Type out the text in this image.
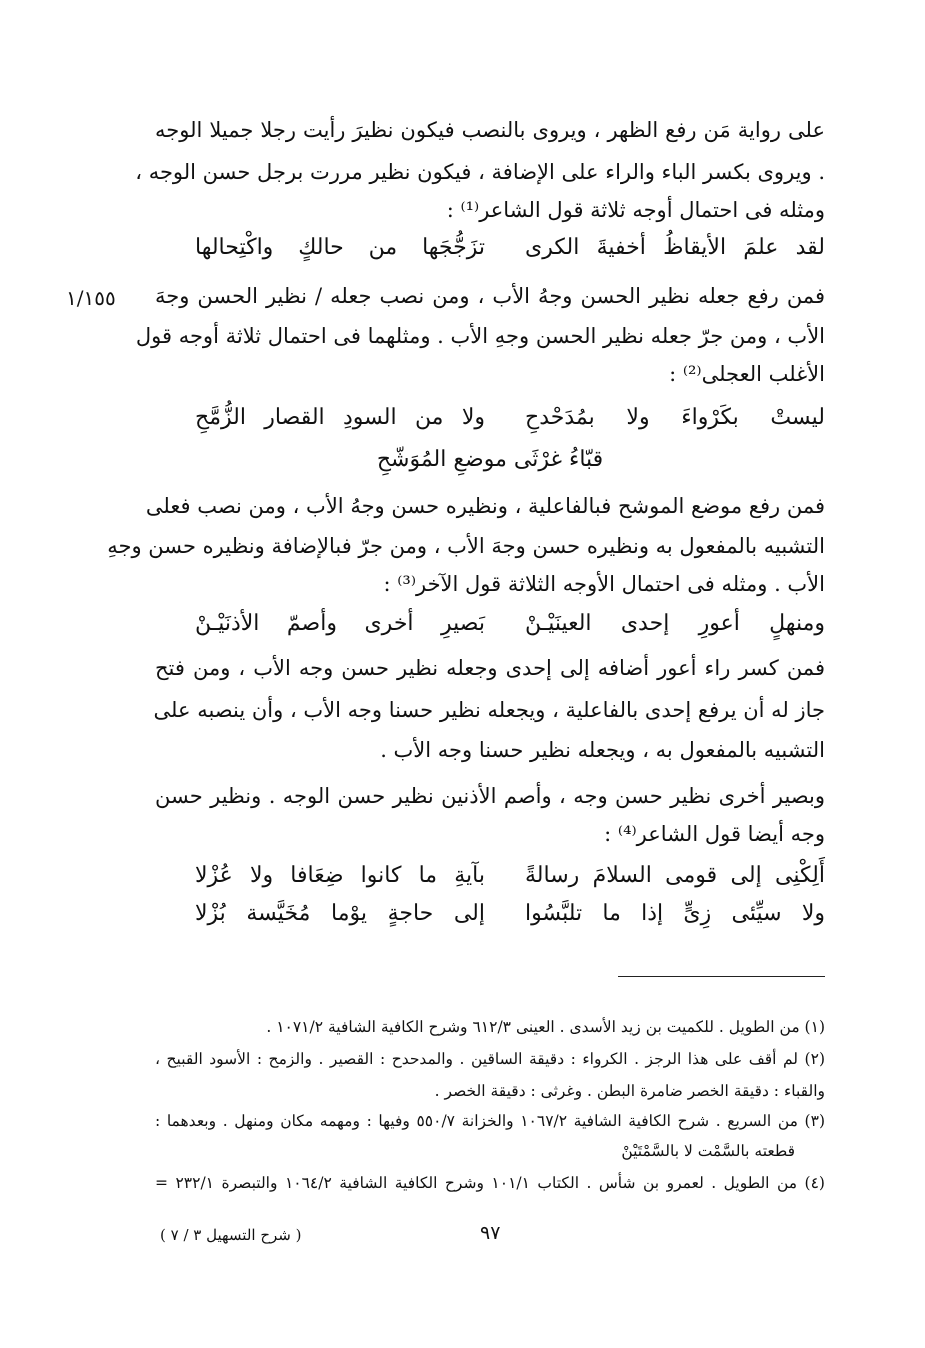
١/١٥٥
على رواية مَن رفع الظهر ، ويروى بالنصب فيكون نظيرَ رأيت رجلا جميلا الوجه
. ويروى بكسر الباء والراء على الإضافة ، فيكون نظير مررت برجل حسن الوجه ،
ومثله فى احتمال أوجه ثلاثة قول الشاعر⁽¹⁾ :
لقد علمَ الأيقاظُ أخفيةَ الكرى
تزَجُّجَها من حالكٍ واكْتِحالها
فمن رفع جعله نظير الحسن وجهُ الأب ، ومن نصب جعله / نظير الحسن وجهَ
الأب ، ومن جرّ جعله نظير الحسن وجهِ الأب . ومثلهما فى احتمال ثلاثة أوجه قول
الأغلب العجلى⁽²⁾ :
ليستْ بكَرْواءَ ولا بمُدَحْدحِ
ولا من السودِ القصار الزُّمَّحِ
قبّاءُ غرْثَى موضعِ المُوَشّحِ
فمن رفع موضع الموشح فبالفاعلية ، ونظيره حسن وجهُ الأب ، ومن نصب فعلى
التشبيه بالمفعول به ونظيره حسن وجهَ الأب ، ومن جرّ فبالإضافة ونظيره حسن وجهِ
الأب . ومثله فى احتمال الأوجه الثلاثة قول الآخر⁽³⁾ :
ومنهلٍ أعورِ إحدى العينَيْـنْ
بَصيرِ أخرى وأصمّ الأذنَيْـنْ
فمن كسر راء أعور أضافه إلى إحدى وجعله نظير حسن وجه الأب ، ومن فتح
جاز له أن يرفع إحدى بالفاعلية ، ويجعله نظير حسنا وجه الأب ، وأن ينصبه على
التشبيه بالمفعول به ، ويجعله نظير حسنا وجه الأب .
وبصير أخرى نظير حسن وجه ، وأصم الأذنين نظير حسن الوجه . ونظير حسن
وجه أيضا قول الشاعر⁽⁴⁾ :
أَلِكْنِى إلى قومى السلامَ رسالةً
بآيةِ ما كانوا ضِعَافا ولا عُزْلا
ولا سيِّئى زِىٍّ إذا ما تلبَّسُوا
إلى حاجةٍ يوْما مُخَيَّسة بُزْلا
(١) من الطويل . للكميت بن زيد الأسدى . العينى ٦١٢/٣ وشرح الكافية الشافية ١٠٧١/٢ .
(٢) لم أقف على هذا الرجز . الكرواء : دقيقة الساقين . والمدحدح : القصير . والزمح : الأسود القبيح ،
والقباء : دقيقة الخصر ضامرة البطن . وغرثى : دقيقة الخصر .
(٣) من السريع . شرح الكافية الشافية ١٠٦٧/٢ والخزانة ٥٥٠/٧ وفيها : ومهمه مكان ومنهل . وبعدهما :
قطعته بالسَّمْت لا بالسَّمْتَيْنْ
(٤) من الطويل . لعمرو بن شأس . الكتاب ١٠١/١ وشرح الكافية الشافية ١٠٦٤/٢ والتبصرة ٢٣٢/١ =
٩٧
( شرح التسهيل ٣ / ٧ )
